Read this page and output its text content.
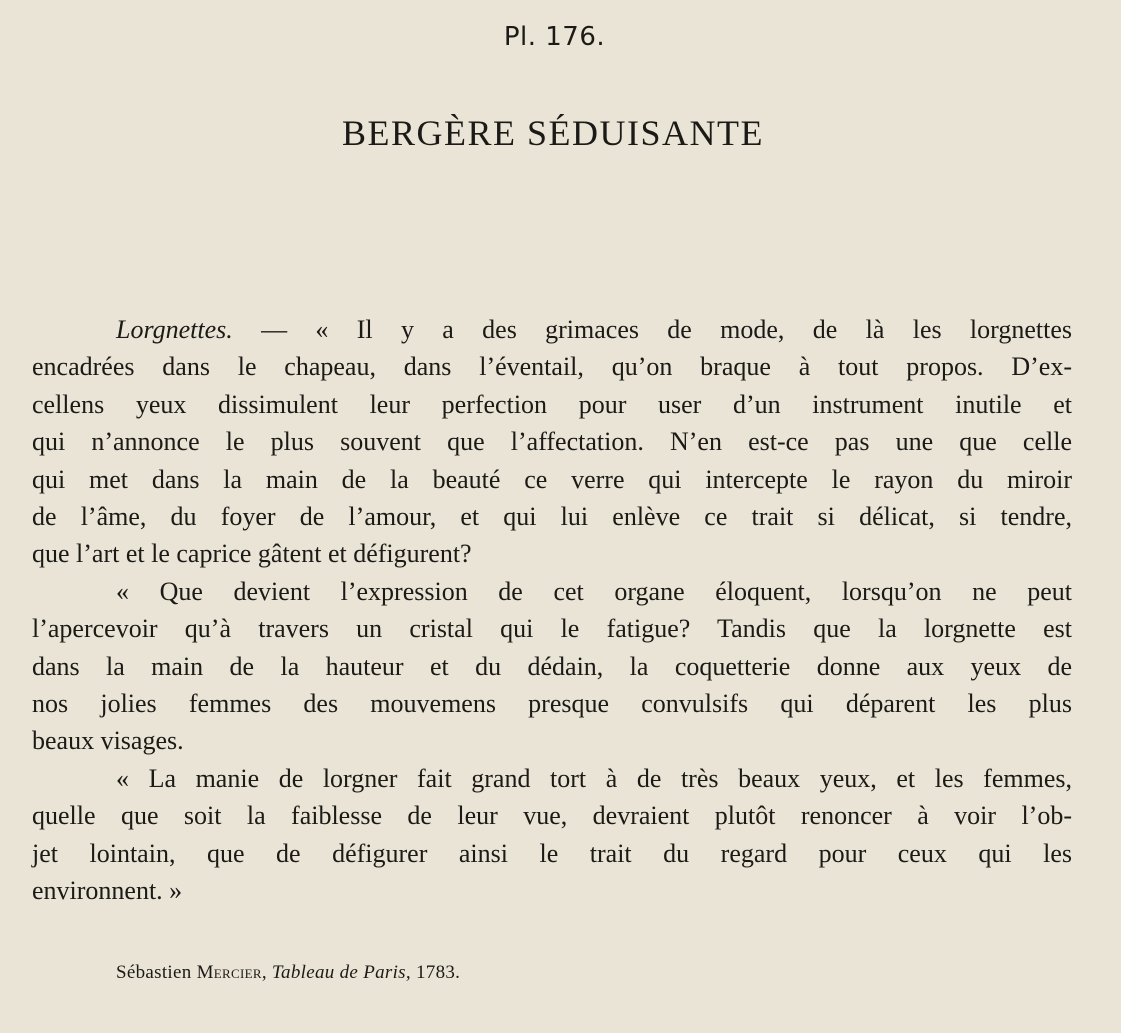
Pl. 176.
BERGÈRE SÉDUISANTE
Lorgnettes. — « Il y a des grimaces de mode, de là les lorgnettes
encadrées dans le chapeau, dans l’éventail, qu’on braque à tout propos. D’ex-
cellens yeux dissimulent leur perfection pour user d’un instrument inutile et
qui n’annonce le plus souvent que l’affectation. N’en est-ce pas une que celle
qui met dans la main de la beauté ce verre qui intercepte le rayon du miroir
de l’âme, du foyer de l’amour, et qui lui enlève ce trait si délicat, si tendre,
que l’art et le caprice gâtent et défigurent?
« Que devient l’expression de cet organe éloquent, lorsqu’on ne peut
l’apercevoir qu’à travers un cristal qui le fatigue? Tandis que la lorgnette est
dans la main de la hauteur et du dédain, la coquetterie donne aux yeux de
nos jolies femmes des mouvemens presque convulsifs qui déparent les plus
beaux visages.
« La manie de lorgner fait grand tort à de très beaux yeux, et les femmes,
quelle que soit la faiblesse de leur vue, devraient plutôt renoncer à voir l’ob-
jet lointain, que de défigurer ainsi le trait du regard pour ceux qui les
environnent. »
Sébastien Mercier, Tableau de Paris, 1783.
